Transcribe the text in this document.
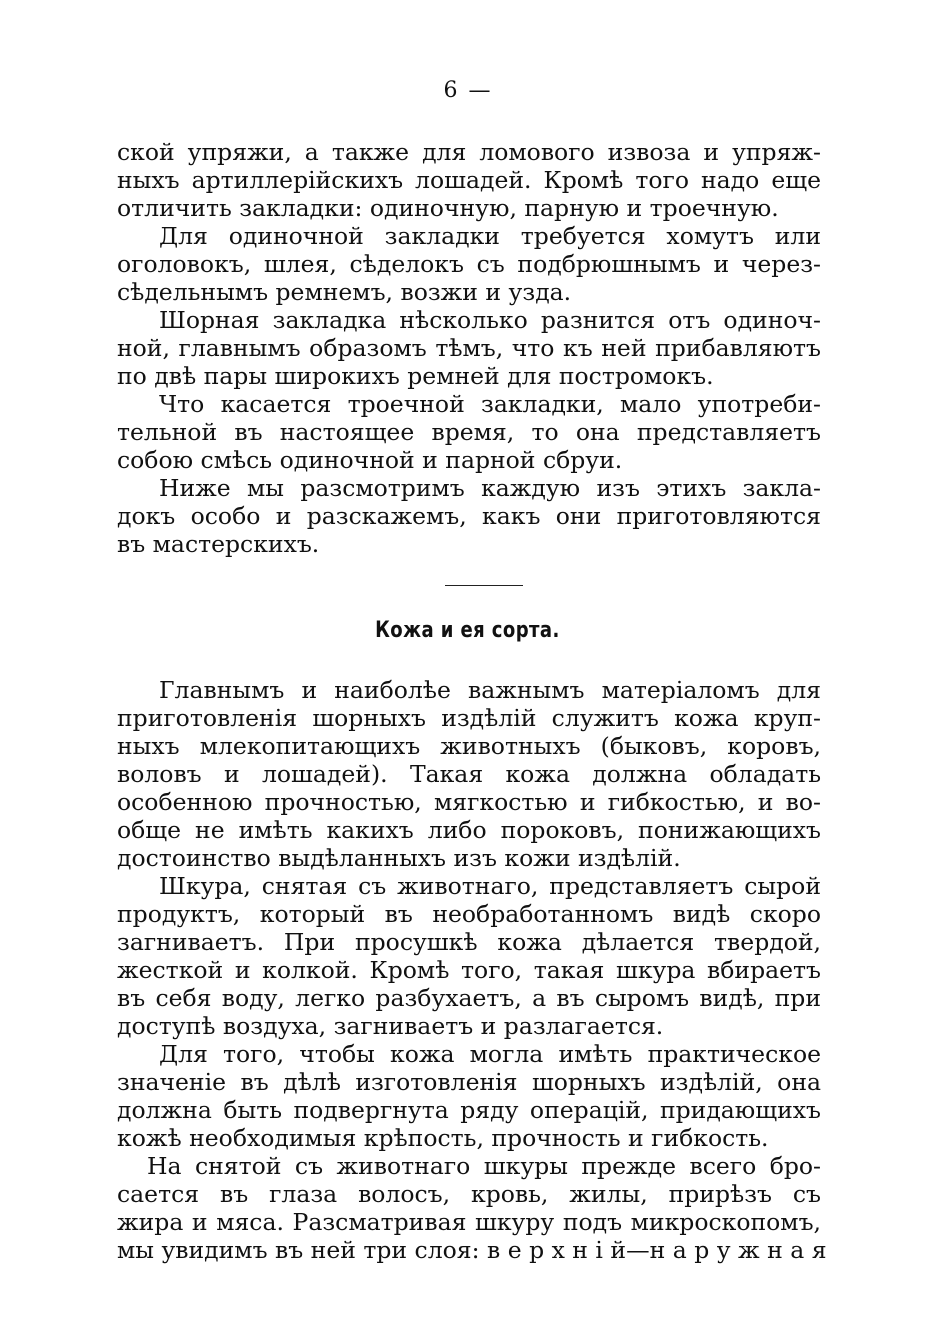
6 —
ской упряжи, а также для ломового извоза и упряж-
ныхъ артиллерiйскихъ лошадей. Кромѣ того надо еще
отличить закладки: одиночную, парную и троечную.
Для одиночной закладки требуется хомутъ или
оголовокъ, шлея, сѣделокъ съ подбрюшнымъ и через-
сѣдельнымъ ремнемъ, возжи и узда.
Шорная закладка нѣсколько разнится отъ одиноч-
ной, главнымъ образомъ тѣмъ, что къ ней прибавляютъ
по двѣ пары широкихъ ремней для постромокъ.
Что касается троечной закладки, мало употреби-
тельной въ настоящее время, то она представляетъ
собою смѣсь одиночной и парной сбруи.
Ниже мы разсмотримъ каждую изъ этихъ закла-
докъ особо и разскажемъ, какъ они приготовляются
въ мастерскихъ.
Кожа и ея сорта.
Главнымъ и наиболѣе важнымъ матерiаломъ для
приготовленiя шорныхъ издѣлiй служитъ кожа круп-
ныхъ млекопитающихъ животныхъ (быковъ, коровъ,
воловъ и лошадей). Такая кожа должна обладать
особенною прочностью, мягкостью и гибкостью, и во-
обще не имѣть какихъ либо пороковъ, понижающихъ
достоинство выдѣланныхъ изъ кожи издѣлiй.
Шкура, снятая съ животнаго, представляетъ сырой
продуктъ, который въ необработанномъ видѣ скоро
загниваетъ. При просушкѣ кожа дѣлается твердой,
жесткой и колкой. Кромѣ того, такая шкура вбираетъ
въ себя воду, легко разбухаетъ, а въ сыромъ видѣ, при
доступѣ воздуха, загниваетъ и разлагается.
Для того, чтобы кожа могла имѣть практическое
значенiе въ дѣлѣ изготовленiя шорныхъ издѣлiй, она
должна быть подвергнута ряду операцiй, придающихъ
кожѣ необходимыя крѣпость, прочность и гибкость.
На снятой съ животнаго шкуры прежде всего бро-
сается въ глаза волосъ, кровь, жилы, прирѣзъ съ
жира и мяса. Разсматривая шкуру подъ микроскопомъ,
мы увидимъ въ ней три слоя: в е р х н i й—н а р у ж н а я
